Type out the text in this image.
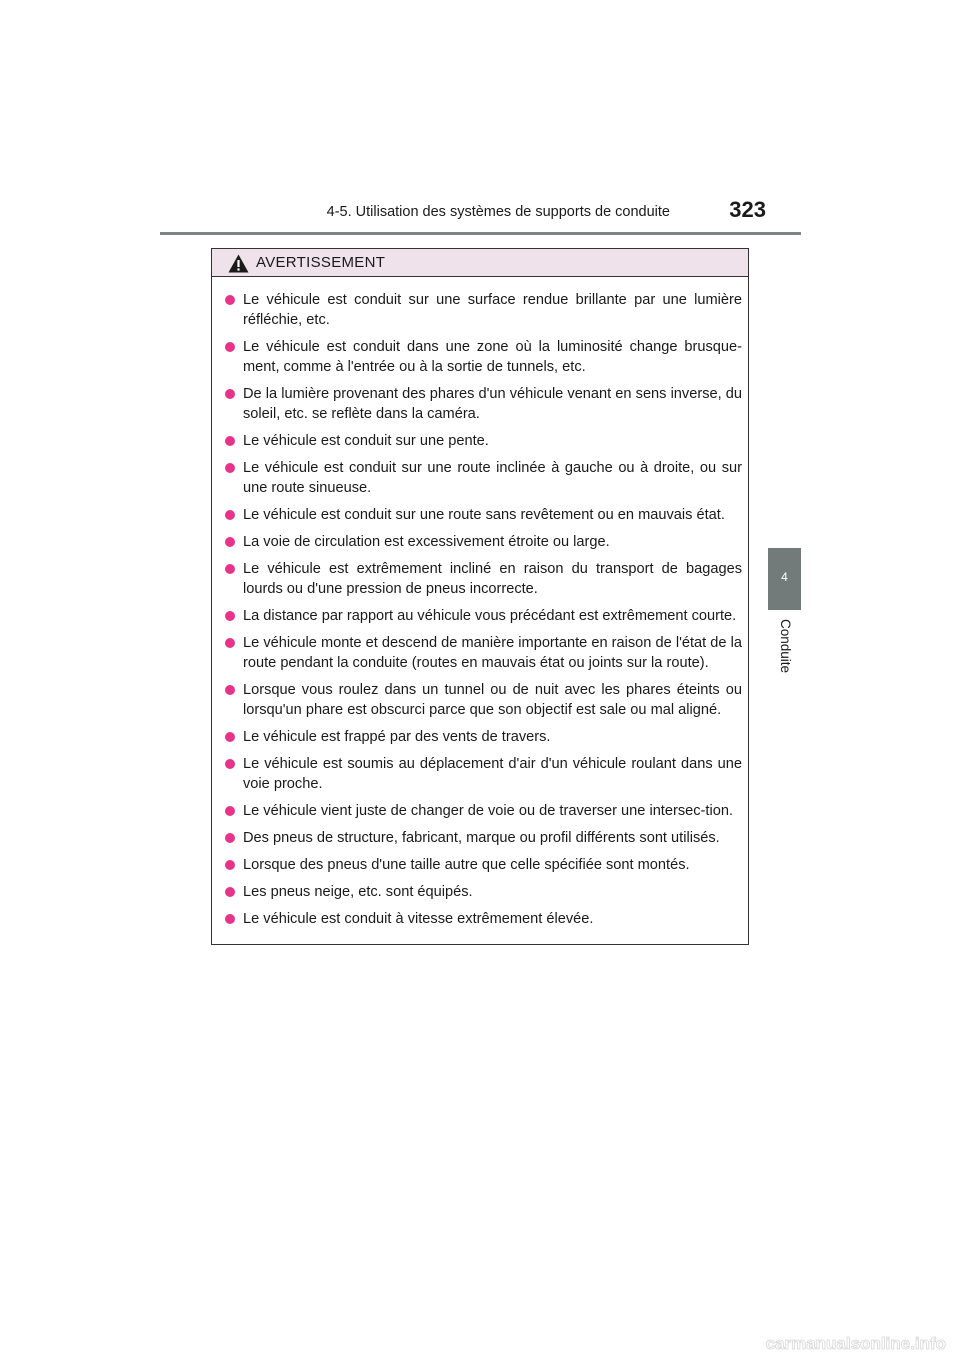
4-5. Utilisation des systèmes de supports de conduite	323
4
Conduite
AVERTISSEMENT
Le véhicule est conduit sur une surface rendue brillante par une lumière réfléchie, etc.
Le véhicule est conduit dans une zone où la luminosité change brusque-ment, comme à l'entrée ou à la sortie de tunnels, etc.
De la lumière provenant des phares d'un véhicule venant en sens inverse, du soleil, etc. se reflète dans la caméra.
Le véhicule est conduit sur une pente.
Le véhicule est conduit sur une route inclinée à gauche ou à droite, ou sur une route sinueuse.
Le véhicule est conduit sur une route sans revêtement ou en mauvais état.
La voie de circulation est excessivement étroite ou large.
Le véhicule est extrêmement incliné en raison du transport de bagages lourds ou d'une pression de pneus incorrecte.
La distance par rapport au véhicule vous précédant est extrêmement courte.
Le véhicule monte et descend de manière importante en raison de l'état de la route pendant la conduite (routes en mauvais état ou joints sur la route).
Lorsque vous roulez dans un tunnel ou de nuit avec les phares éteints ou lorsqu'un phare est obscurci parce que son objectif est sale ou mal aligné.
Le véhicule est frappé par des vents de travers.
Le véhicule est soumis au déplacement d'air d'un véhicule roulant dans une voie proche.
Le véhicule vient juste de changer de voie ou de traverser une intersec-tion.
Des pneus de structure, fabricant, marque ou profil différents sont utilisés.
Lorsque des pneus d'une taille autre que celle spécifiée sont montés.
Les pneus neige, etc. sont équipés.
Le véhicule est conduit à vitesse extrêmement élevée.
carmanualsonline.info
